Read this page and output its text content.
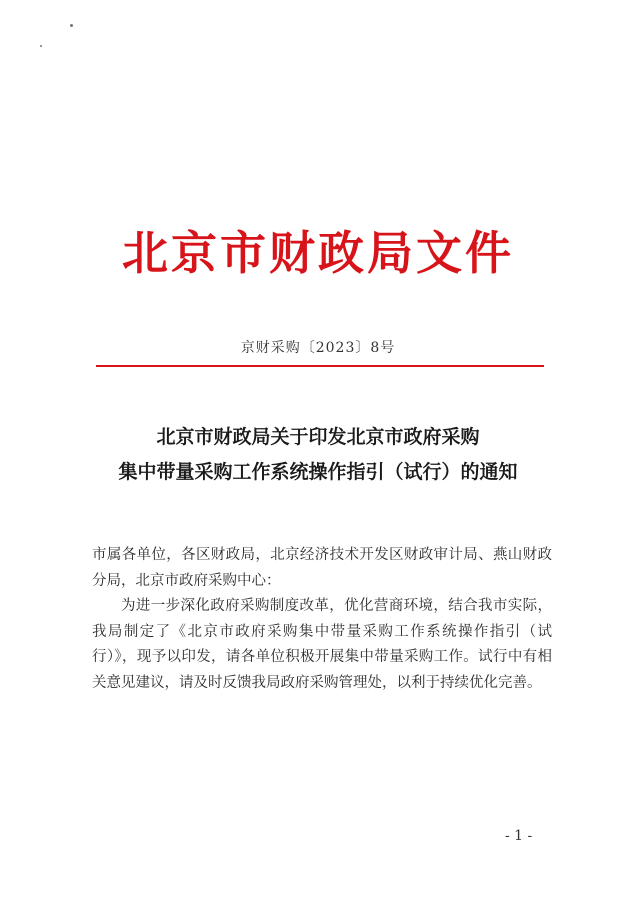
北京市财政局文件
京财采购〔2023〕8号
北京市财政局关于印发北京市政府采购
集中带量采购工作系统操作指引（试行）的通知

市属各单位，各区财政局，北京经济技术开发区财政审计局、燕山财政分局，北京市政府采购中心：

为进一步深化政府采购制度改革，优化营商环境，结合我市实际，我局制定了《北京市政府采购集中带量采购工作系统操作指引（试行）》，现予以印发，请各单位积极开展集中带量采购工作。试行中有相关意见建议，请及时反馈我局政府采购管理处，以利于持续优化完善。

- 1 -
